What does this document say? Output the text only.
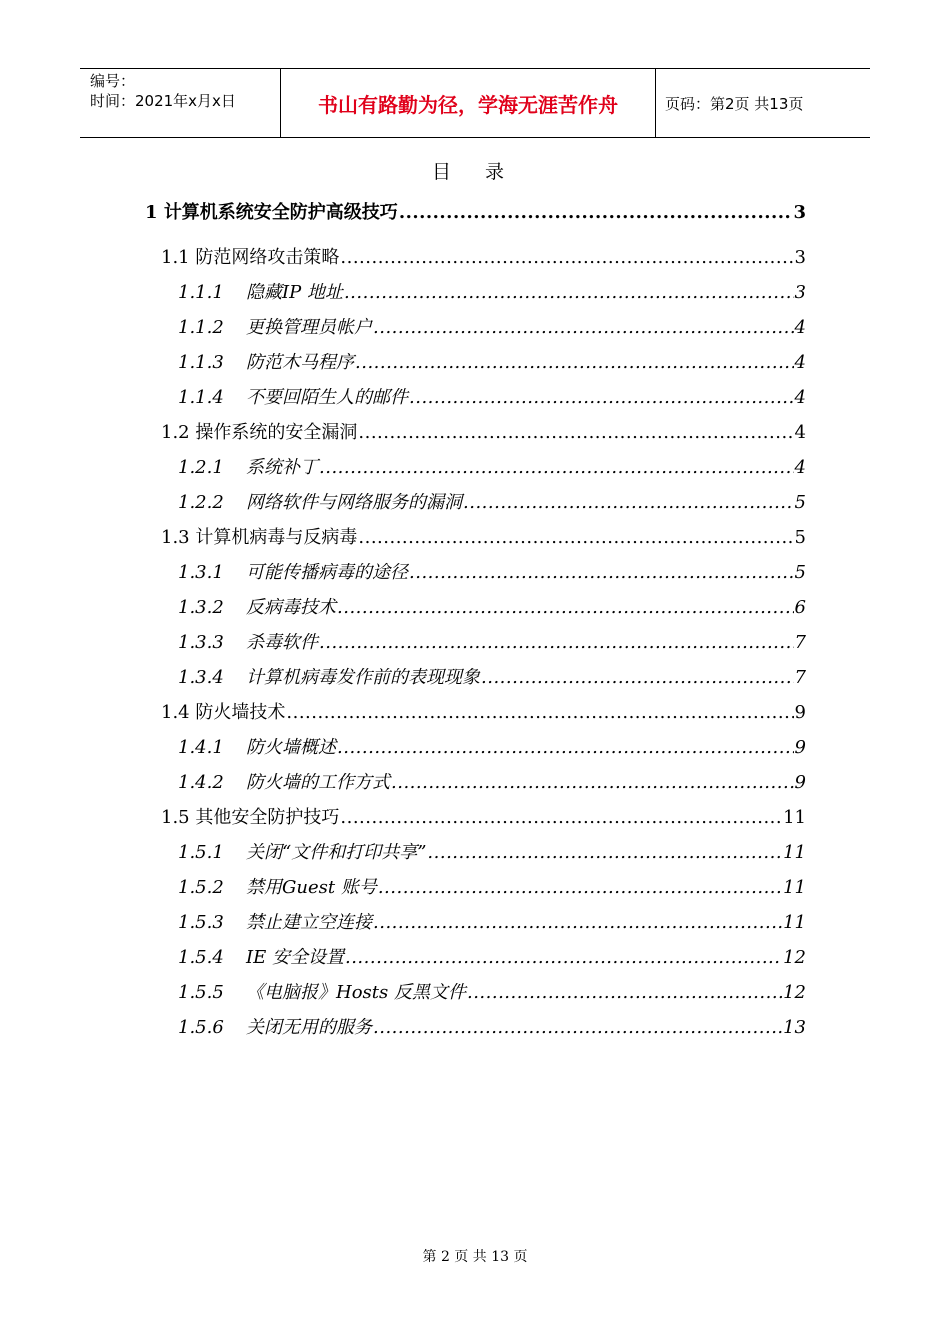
编号：
时间：2021年x月x日	书山有路勤为径，学海无涯苦作舟	页码：第2页 共13页
目 录
1 计算机系统安全防护高级技巧 .....	3
1.1 防范网络攻击策略 .....	3
1.1.1 隐藏IP 地址 .....	3
1.1.2 更换管理员帐户 .....	4
1.1.3 防范木马程序 .....	4
1.1.4 不要回陌生人的邮件 .....	4
1.2 操作系统的安全漏洞 .....	4
1.2.1 系统补丁 .....	4
1.2.2 网络软件与网络服务的漏洞 .....	5
1.3 计算机病毒与反病毒 .....	5
1.3.1 可能传播病毒的途径 .....	5
1.3.2 反病毒技术 .....	6
1.3.3 杀毒软件 .....	7
1.3.4 计算机病毒发作前的表现现象 .....	7
1.4 防火墙技术 .....	9
1.4.1 防火墙概述 .....	9
1.4.2 防火墙的工作方式 .....	9
1.5 其他安全防护技巧 .....	11
1.5.1 关闭“文件和打印共享” .....	11
1.5.2 禁用Guest 账号 .....	11
1.5.3 禁止建立空连接 .....	11
1.5.4 IE 安全设置 .....	12
1.5.5 《电脑报》Hosts 反黑文件 .....	12
1.5.6 关闭无用的服务 .....	13
第 2 页 共 13 页
